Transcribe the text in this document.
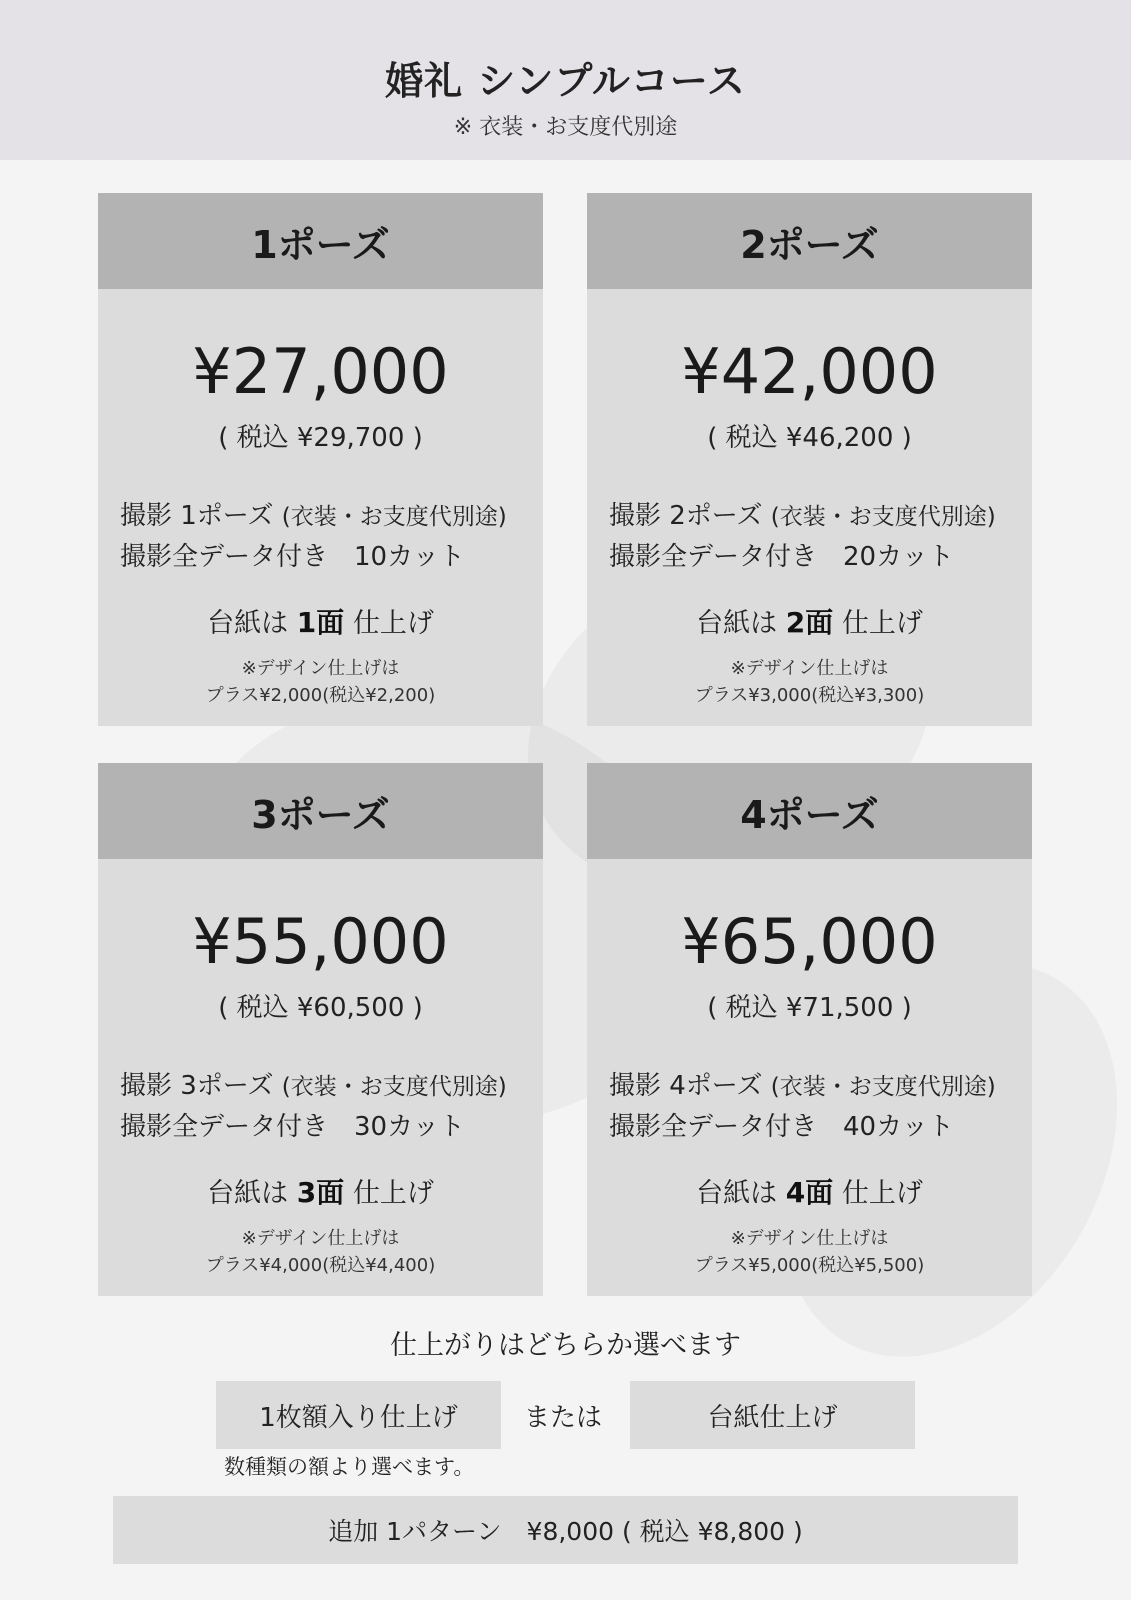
婚礼 シンプルコース
※ 衣装・お支度代別途
1ポーズ
¥27,000
( 税込 ¥29,700 )
撮影 1ポーズ (衣装・お支度代別途)
撮影全データ付き　10カット
台紙は 1面 仕上げ
※デザイン仕上げは
プラス¥2,000(税込¥2,200)
2ポーズ
¥42,000
( 税込 ¥46,200 )
撮影 2ポーズ (衣装・お支度代別途)
撮影全データ付き　20カット
台紙は 2面 仕上げ
※デザイン仕上げは
プラス¥3,000(税込¥3,300)
3ポーズ
¥55,000
( 税込 ¥60,500 )
撮影 3ポーズ (衣装・お支度代別途)
撮影全データ付き　30カット
台紙は 3面 仕上げ
※デザイン仕上げは
プラス¥4,000(税込¥4,400)
4ポーズ
¥65,000
( 税込 ¥71,500 )
撮影 4ポーズ (衣装・お支度代別途)
撮影全データ付き　40カット
台紙は 4面 仕上げ
※デザイン仕上げは
プラス¥5,000(税込¥5,500)
仕上がりはどちらか選べます
1枚額入り仕上げ	または	台紙仕上げ
数種類の額より選べます。
追加 1パターン　¥8,000 ( 税込 ¥8,800 )
